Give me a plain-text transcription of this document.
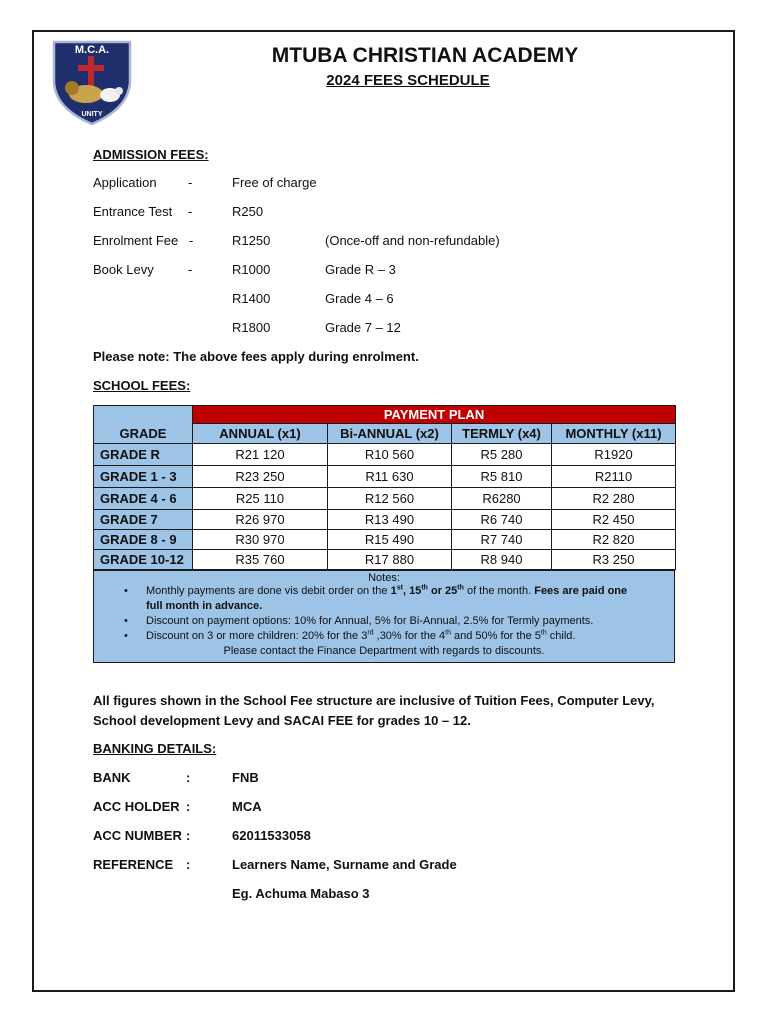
M.C.A.
UNITY
MTUBA CHRISTIAN ACADEMY
2024 FEES SCHEDULE
ADMISSION FEES:
Application -	Free of charge
Entrance Test -	R250
Enrolment Fee -	R1250	(Once-off and non-refundable)
Book Levy	-	R1000	Grade R – 3
R1400	Grade 4 – 6
R1800	Grade 7 – 12
Please note: The above fees apply during enrolment.
SCHOOL FEES:
GRADE	PAYMENT PLAN			
	ANNUAL (x1)	Bi-ANNUAL (x2)	TERMLY (x4)	MONTHLY (x11)
GRADE R	R21 120	R10 560	R5 280	R1920
GRADE 1 - 3	R23 250	R11 630	R5 810	R2110
GRADE 4 - 6	R25 110	R12 560	R6280	R2 280
GRADE 7	R26 970	R13 490	R6 740	R2 450
GRADE 8 - 9	R30 970	R15 490	R7 740	R2 820
GRADE 10-12	R35 760	R17 880	R8 940	R3 250
Notes:
• Monthly payments are done vis debit order on the 1st, 15th or 25th of the month. Fees are paid one
full month in advance.
• Discount on payment options: 10% for Annual, 5% for Bi-Annual, 2.5% for Termly payments.
• Discount on 3 or more children: 20% for the 3rd ,30% for the 4th and 50% for the 5th child.
Please contact the Finance Department with regards to discounts.
All figures shown in the School Fee structure are inclusive of Tuition Fees, Computer Levy,
School development Levy and SACAI FEE for grades 10 – 12.
BANKING DETAILS:
BANK	:	FNB
ACC HOLDER :	MCA
ACC NUMBER :	62011533058
REFERENCE :	Learners Name, Surname and Grade
Eg. Achuma Mabaso 3
